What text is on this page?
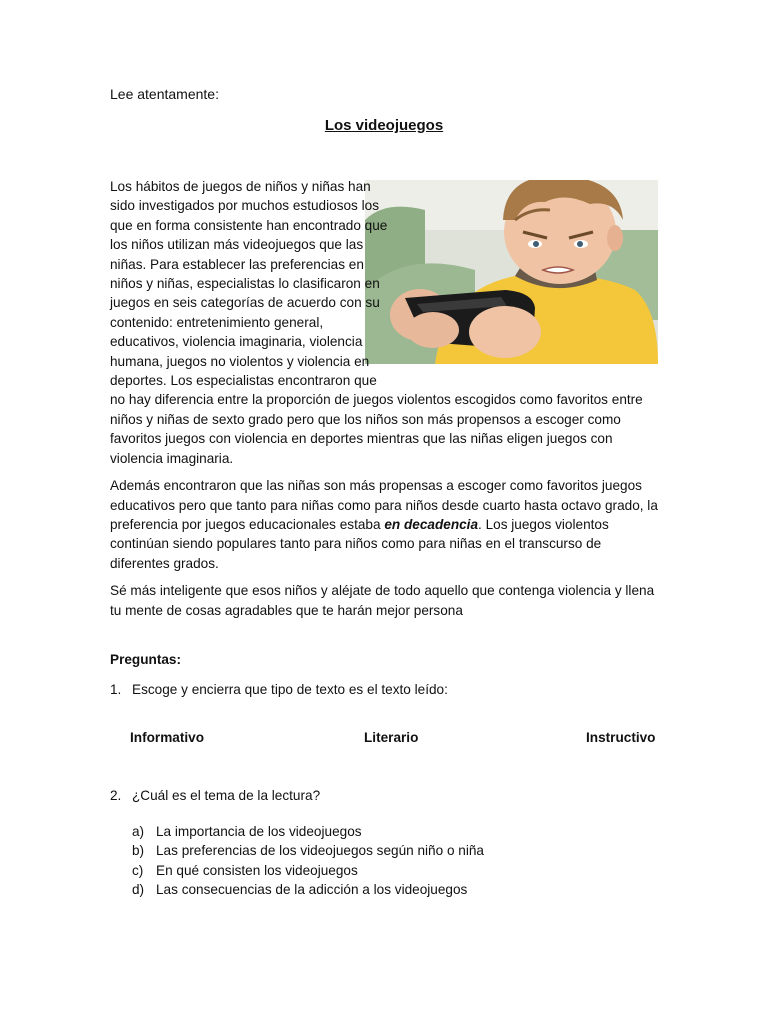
Lee atentamente:
Los videojuegos

Los hábitos de juegos de niños y niñas han sido investigados por muchos estudiosos los que en forma consistente han encontrado que los niños utilizan más videojuegos que las niñas. Para establecer las preferencias en niños y niñas, especialistas lo clasificaron en juegos en seis categorías de acuerdo con su contenido: entretenimiento general, educativos, violencia imaginaria, violencia humana, juegos no violentos y violencia en deportes. Los especialistas encontraron que no hay diferencia entre la proporción de juegos violentos escogidos como favoritos entre niños y niñas de sexto grado pero que los niños son más propensos a escoger como favoritos juegos con violencia en deportes mientras que las niñas eligen juegos con violencia imaginaria.

Además encontraron que las niñas son más propensas a escoger como favoritos juegos educativos pero que tanto para niñas como para niños desde cuarto hasta octavo grado, la preferencia por juegos educacionales estaba en decadencia. Los juegos violentos continúan siendo populares tanto para niños como para niñas en el transcurso de diferentes grados.

Sé más inteligente que esos niños y aléjate de todo aquello que contenga violencia y llena tu mente de cosas agradables que te harán mejor persona

Preguntas:
1. Escoge y encierra que tipo de texto es el texto leído:
Informativo	Literario	Instructivo
2. ¿Cuál es el tema de la lectura?
a) La importancia de los videojuegos
b) Las preferencias de los videojuegos según niño o niña
c) En qué consisten los videojuegos
d) Las consecuencias de la adicción a los videojuegos
